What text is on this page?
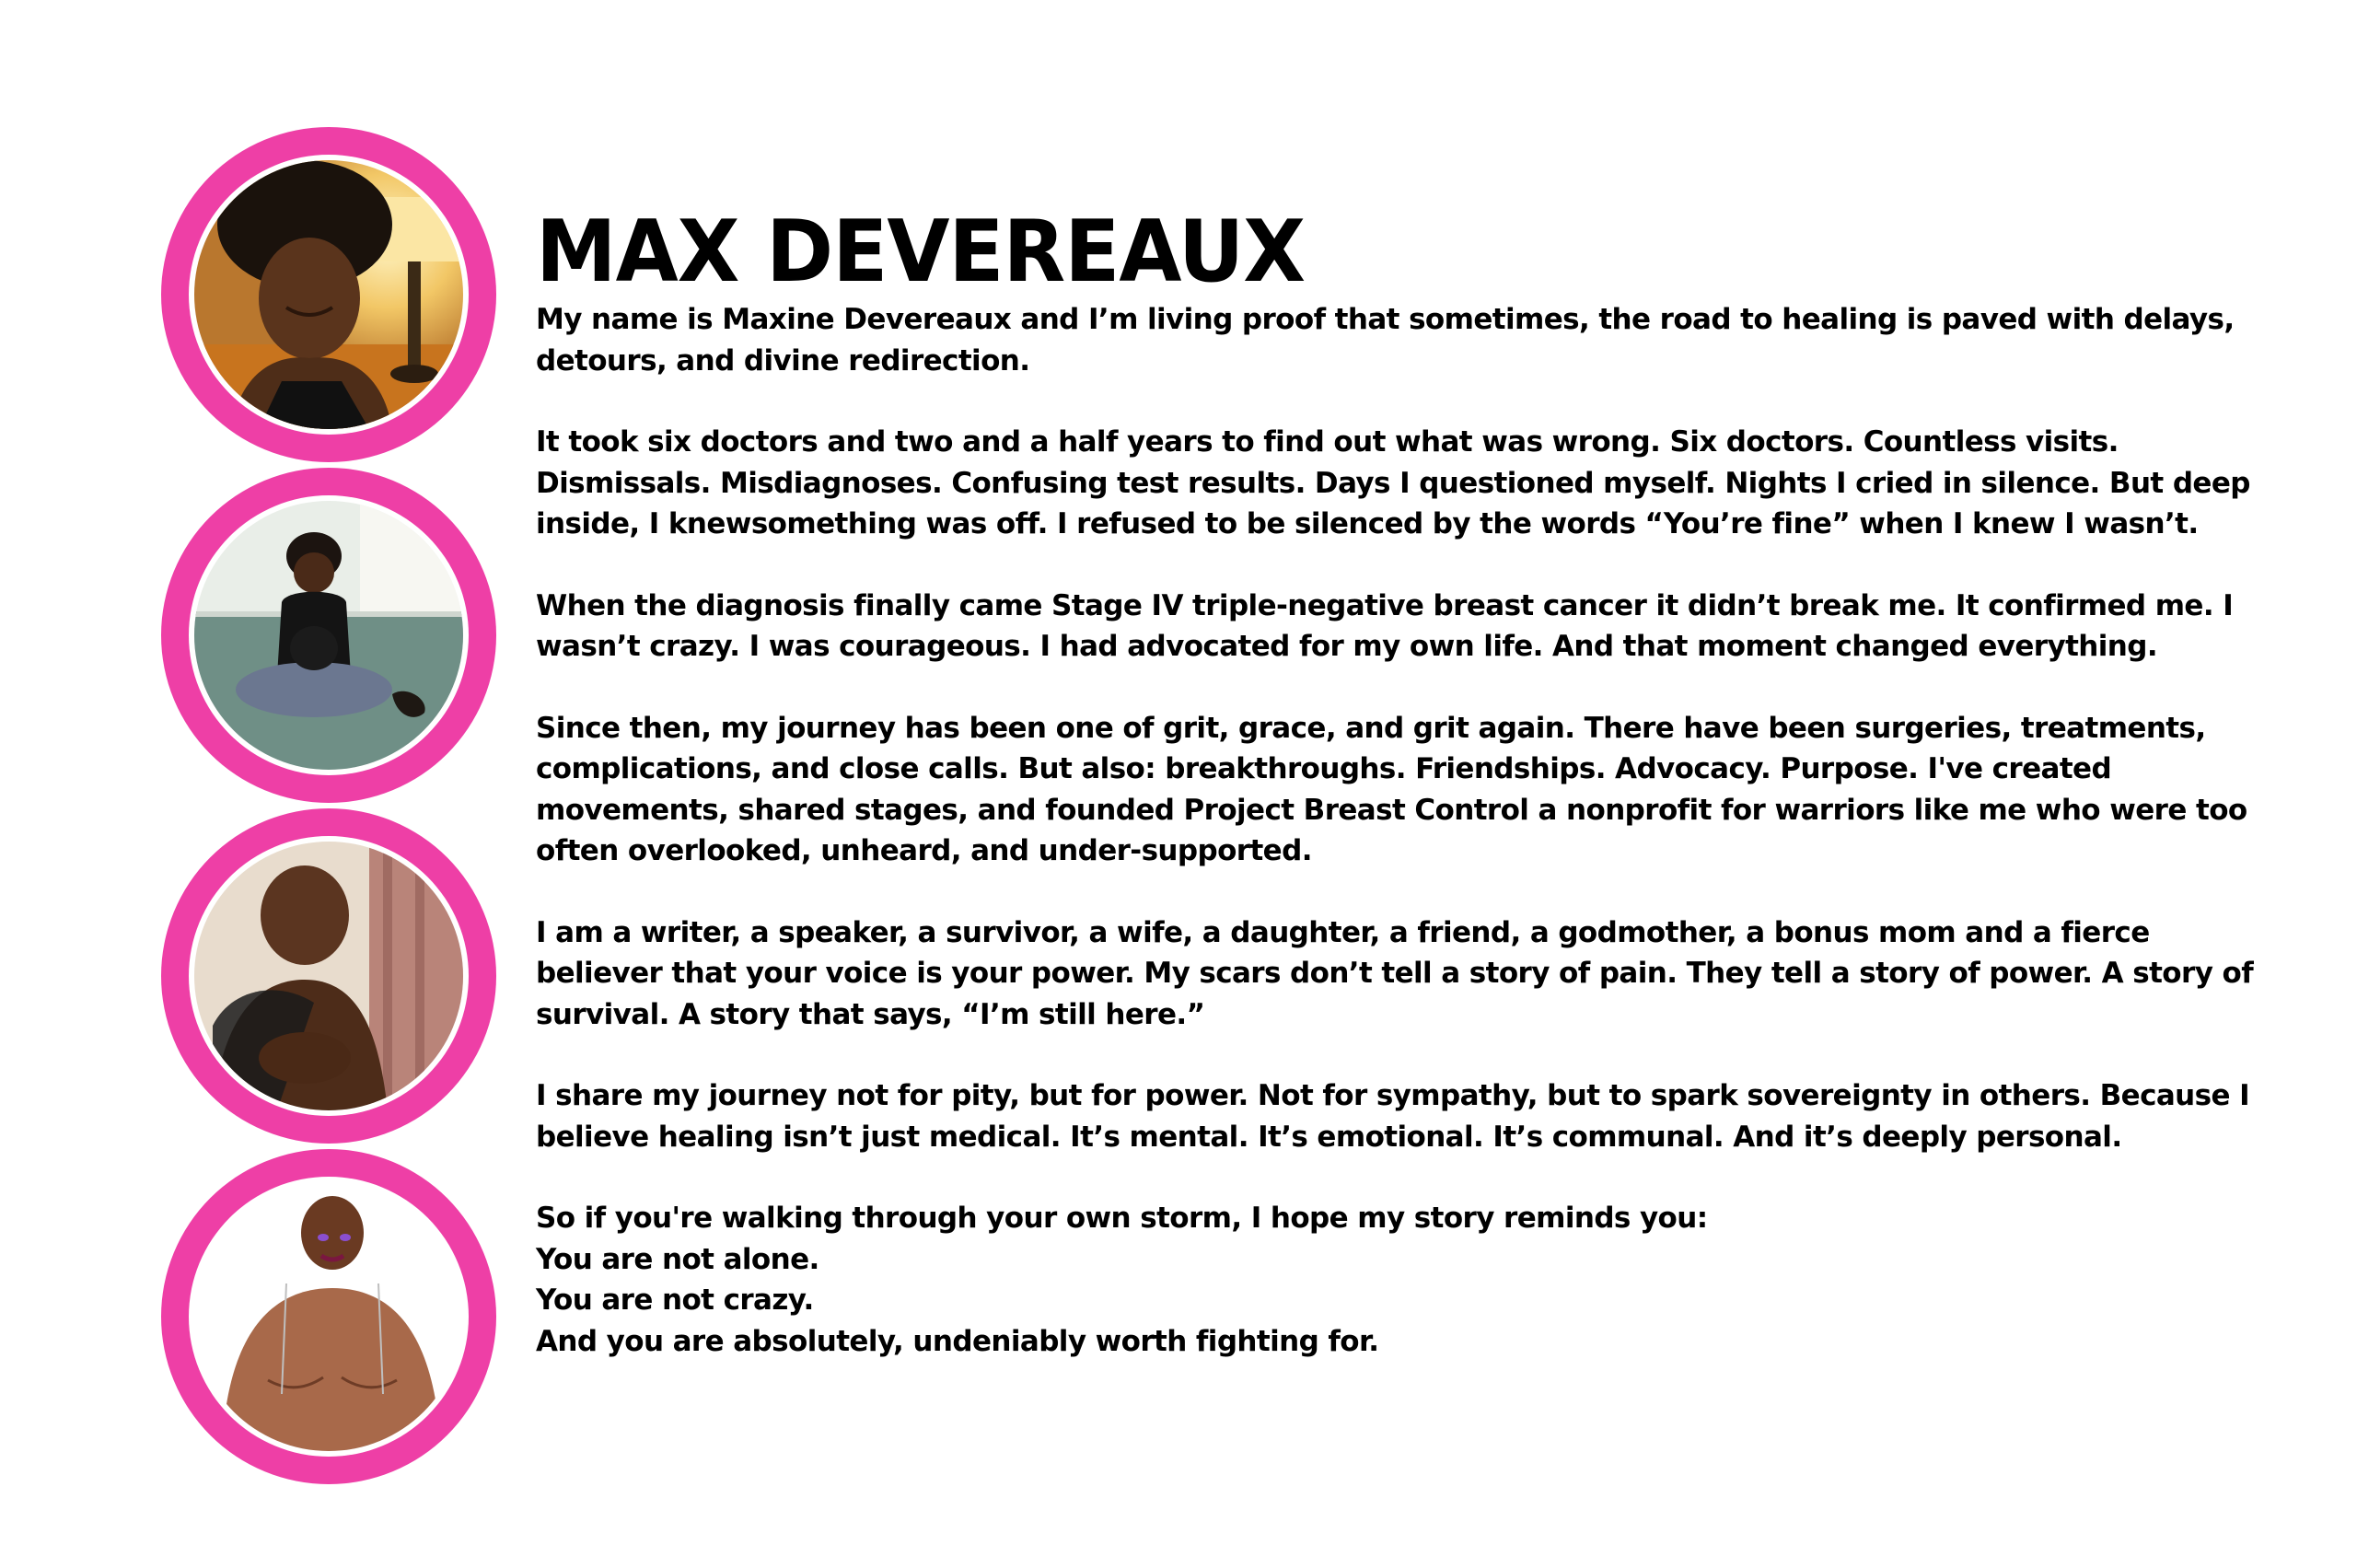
MAX DEVEREAUX

My name is Maxine Devereaux and I’m living proof that sometimes, the road to healing is paved with delays, detours, and divine redirection.

It took six doctors and two and a half years to find out what was wrong. Six doctors. Countless visits. Dismissals. Misdiagnoses. Confusing test results. Days I questioned myself. Nights I cried in silence. But deep inside, I knewsomething was off. I refused to be silenced by the words “You’re fine” when I knew I wasn’t.

When the diagnosis finally came Stage IV triple-negative breast cancer it didn’t break me. It confirmed me. I wasn’t crazy. I was courageous. I had advocated for my own life. And that moment changed everything.

Since then, my journey has been one of grit, grace, and grit again. There have been surgeries, treatments, complications, and close calls. But also: breakthroughs. Friendships. Advocacy. Purpose. I've created movements, shared stages, and founded Project Breast Control a nonprofit for warriors like me who were too often overlooked, unheard, and under-supported.

I am a writer, a speaker, a survivor, a wife, a daughter, a friend, a godmother, a bonus mom and a fierce believer that your voice is your power. My scars don’t tell a story of pain. They tell a story of power. A story of survival. A story that says, “I’m still here.”

I share my journey not for pity, but for power. Not for sympathy, but to spark sovereignty in others. Because I believe healing isn’t just medical. It’s mental. It’s emotional. It’s communal. And it’s deeply personal.

So if you're walking through your own storm, I hope my story reminds you:
You are not alone.
You are not crazy.
And you are absolutely, undeniably worth fighting for.
